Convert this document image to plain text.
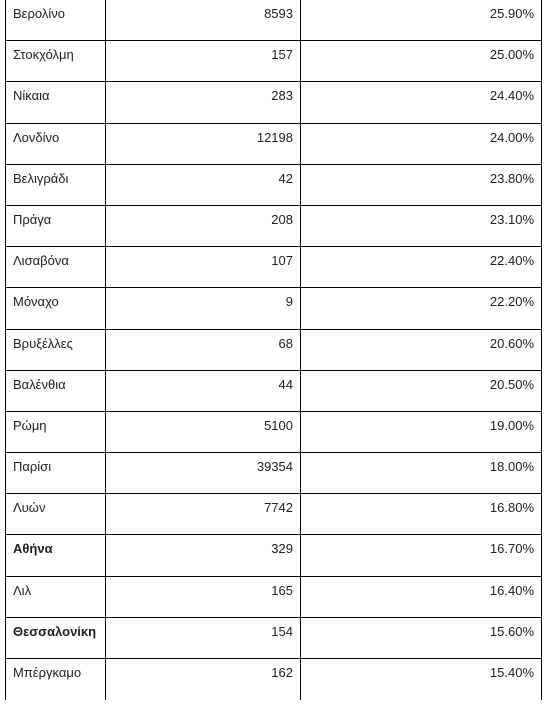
Βερολίνο	8593	25.90%

Στοκχόλμη	157	25.00%

Νίκαια	283	24.40%

Λονδίνο	12198	24.00%

Βελιγράδι	42	23.80%

Πράγα	208	23.10%

Λισαβόνα	107	22.40%

Μόναχο	9	22.20%

Βρυξέλλες	68	20.60%

Βαλένθια	44	20.50%

Ρώμη	5100	19.00%

Παρίσι	39354	18.00%

Λυών	7742	16.80%

Αθήνα	329	16.70%

Λιλ	165	16.40%

Θεσσαλονίκη	154	15.60%

Μπέργκαμο	162	15.40%
